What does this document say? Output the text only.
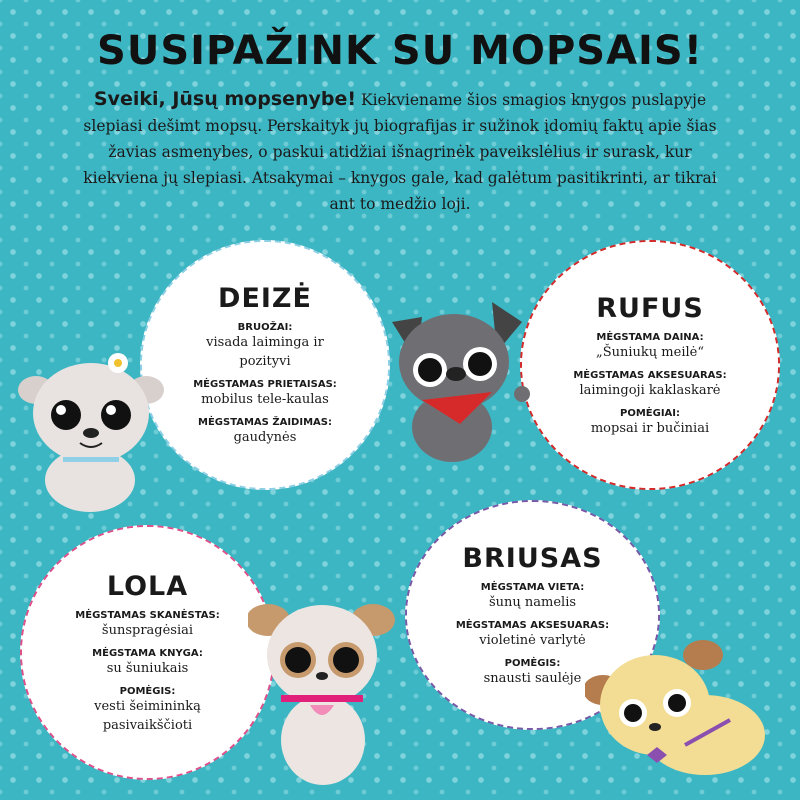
SUSIPAŽINK SU MOPSAIS!
Sveiki, Jūsų mopsenybe! Kiekviename šios smagios knygos puslapyje slepiasi dešimt mopsų. Perskaityk jų biografijas ir sužinok įdomių faktų apie šias žavias asmenybes, o paskui atidžiai išnagrinėk paveikslėlius ir surask, kur kiekviena jų slepiasi. Atsakymai – knygos gale, kad galėtum pasitikrinti, ar tikrai ant to medžio loji.
DEIZĖ
BRUOŽAI:
visada laiminga ir pozityvi
MĖGSTAMAS PRIETAISAS:
mobilus tele-kaulas
MĖGSTAMAS ŽAIDIMAS:
gaudynės
RUFUS
MĖGSTAMA DAINA:
„Šuniukų meilė“
MĖGSTAMAS AKSESUARAS:
laimingoji kaklaskarė
POMĖGIAI:
mopsai ir bučiniai
LOLA
MĖGSTAMAS SKANĖSTAS:
šunspragėsiai
MĖGSTAMA KNYGA:
su šuniukais
POMĖGIS:
vesti šeimininką pasivaikščioti
BRIUSAS
MĖGSTAMA VIETA:
šunų namelis
MĖGSTAMAS AKSESUARAS:
violetinė varlytė
POMĖGIS:
snausti saulėje
